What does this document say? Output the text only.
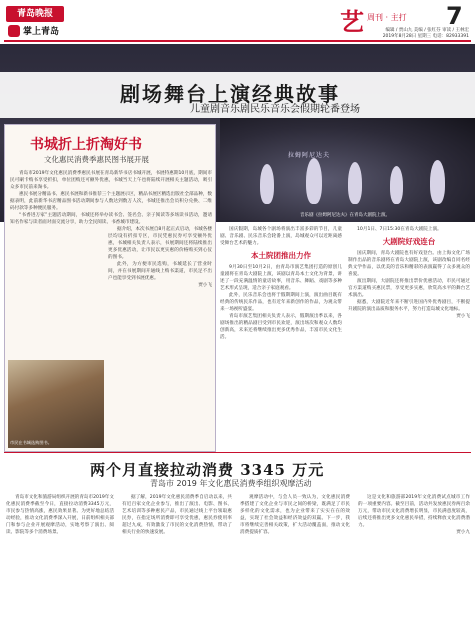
青岛晚报
掌上青岛	艺 周刊 · 主打 7
编辑 / 贾山九 美编 / 张红芬 审读 / 王林宏
2019年8月28日 星期三 电话：82933391
剧场舞台上演经典故事
儿童剧音乐剧民乐音乐会假期轮番登场
拉姆阿尼达夫
音乐剧《拉姆阿尼达夫》在青岛大剧院上演。
书城折上折淘好书
文化惠民消费季惠民图书展开展

青岛市2019年文化惠民消费季惠民书展在青岛新华书店书城开展，书展特惠期10月底，期间市民可刷卡购书享受折扣，单位团购还可额外优惠，书城当天上午也将陆续开展相关主题活动，吸引众多市民前来淘书。

惠民书展分精品书、惠民书展和新书推荐三个主题展示区，精品书展区精选出版社全部品种，数据表明，此前新华书店精品图书活动期间参与人数达到数万人次，书城还推出会员积分兑换、二维码付款等多种便民服务。

“书香进万家”主题活动期间，书城还将举办读书会、签名会、亲子阅读等多场读书活动，邀请知名作家与读者面对面交流分享，助力全民阅读、书香城市建设。

据介绍，本次书展自8月起正式启动，书城各楼层均设有折扣专区，市民凭惠民券可享受额外优惠，书城相关负责人表示，书展期间还将陆续推出更多优惠活动，让市民以更实惠的价格购买到心仪的图书。

此外，为方便市民选购，书城延长了营业时间，并在书展期间开通线上购书渠道，市民足不出户也能享受到书展优惠。

贾小飞

市民在书城选购图书。

国庆假期，岛城各个剧场将演出丰富多彩的节目，儿童剧、音乐剧、民乐音乐会轮番上演，岛城观众可以近距离感受舞台艺术的魅力。

本土院团推出力作

9月30日至10月2日，由青岛市演艺集团打造的原创儿童剧将在青岛大剧院上演，该剧以青岛本土文化为背景，讲述了一段充满温情的童话故事，用音乐、舞蹈、戏剧等多种艺术形式呈现，适合亲子家庭观看。

此外，民乐音乐会也将于假期期间上演，演出曲目既有经典的传统民乐作品，也有近年来新创作的作品，为观众带来一场视听盛宴。

青岛市演艺集团相关负责人表示，假期演出季以来，各剧场推出的精品剧目受到市民欢迎，演出场次和观众人数均创新高，未来还将继续推出更多优秀作品，丰富市民文化生活。

10月1日、7日15:30在青岛大剧院上演。

大剧院好戏连台

国庆期间，青岛大剧院也有好戏登台。由上海文化广场制作出品的音乐剧将在青岛大剧院上演，该剧改编自同名经典文学作品，以优美的音乐和精彩的表演赢得了众多观众的喜爱。

演出期间，大剧院还将推出票价优惠活动，市民可通过官方渠道购买惠民票，享受更多实惠，欣赏高水平的舞台艺术演出。

据悉，大剧院近年来不断引进国内外优秀剧目，不断提升剧院的演出品质和服务水平，努力打造岛城文化地标。

贾小飞

两个月直接拉动消费 3345 万元
青岛市 2019 年文化惠民消费季组织观摩活动

青岛市文化和旅游局组织开展的青岛市2019年文化惠民消费季截至今日，直接拉动消费3345万元，市民参与热情高涨，惠民效果显著。为更好地总结活动经验，推动文化消费季深入开展，日前组织相关部门和参与企业开展观摩活动，实地考察了演出、阅读、影院等多个消费场景。

据了解，2019年文化惠民消费季自启动以来，共有近百家文化企业参与，推出了演出、电影、图书、艺术培训等多种惠民产品，市民通过线上平台领取惠民券，在指定场所消费即可享受优惠，惠民券使用率超过九成，有效激发了市民的文化消费热情，带动了相关行业的快速发展。

观摩活动中，与会人员一致认为，文化惠民消费季搭建了文化企业与市民之间的桥梁，既满足了市民多样化的文化需求，也为企业带来了实实在在的效益，实现了社会效益和经济效益的双赢。下一步，我市将继续完善相关政策，扩大活动覆盖面，推动文化消费提质扩容。

这是文化和旅游部2019年文化消费试点城市工作的一项重要内容。截至目前，活动共发放惠民券两百余万元，带动市民文化消费增长明显，市民满意度较高，后续还将推出更多文化惠民举措，持续释放文化消费潜力。

贾小九
